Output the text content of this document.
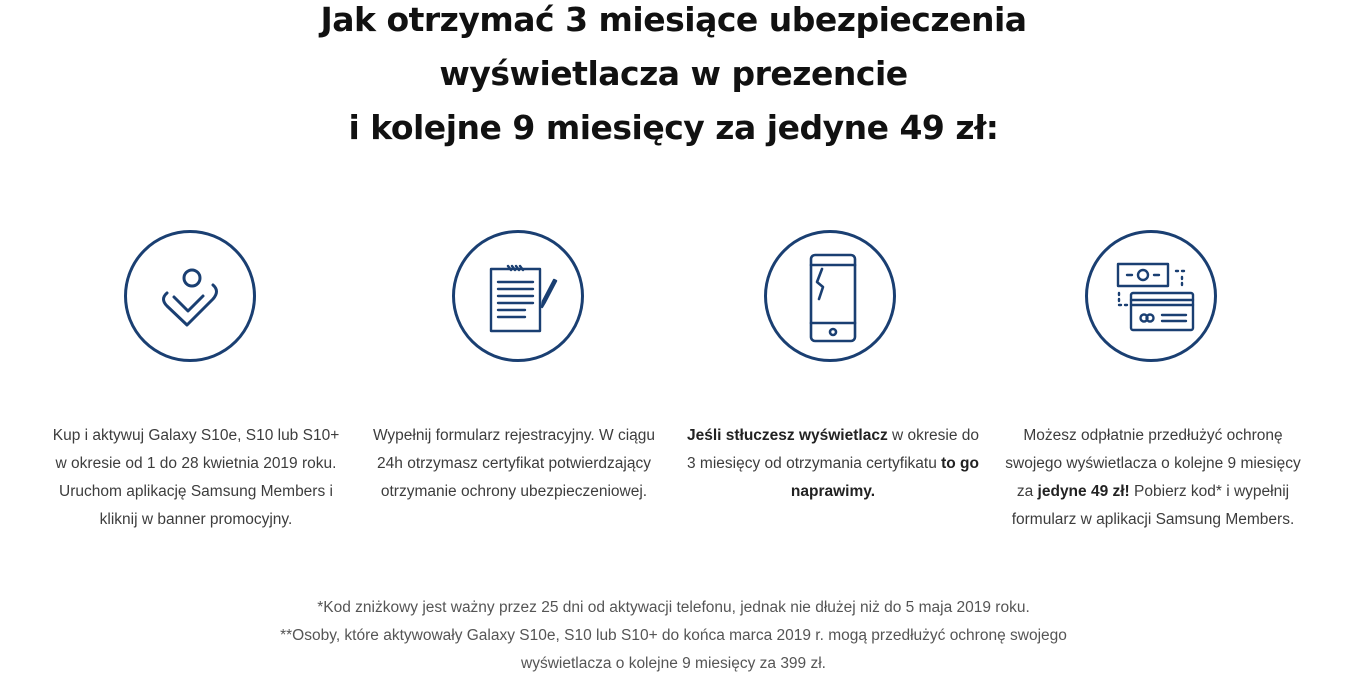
Jak otrzymać 3 miesiące ubezpieczenia
wyświetlacza w prezencie
i kolejne 9 miesięcy za jedyne 49 zł:
Kup i aktywuj Galaxy S10e, S10 lub S10+ w okresie od 1 do 28 kwietnia 2019 roku. Uruchom aplikację Samsung Members i kliknij w banner promocyjny.
Wypełnij formularz rejestracyjny. W ciągu 24h otrzymasz certyfikat potwierdzający otrzymanie ochrony ubezpieczeniowej.
Jeśli stłuczesz wyświetlacz w okresie do 3 miesięcy od otrzymania certyfikatu to go naprawimy.
Możesz odpłatnie przedłużyć ochronę swojego wyświetlacza o kolejne 9 miesięcy za jedyne 49 zł! Pobierz kod* i wypełnij formularz w aplikacji Samsung Members.
*Kod zniżkowy jest ważny przez 25 dni od aktywacji telefonu, jednak nie dłużej niż do 5 maja 2019 roku.
**Osoby, które aktywowały Galaxy S10e, S10 lub S10+ do końca marca 2019 r. mogą przedłużyć ochronę swojego
wyświetlacza o kolejne 9 miesięcy za 399 zł.
